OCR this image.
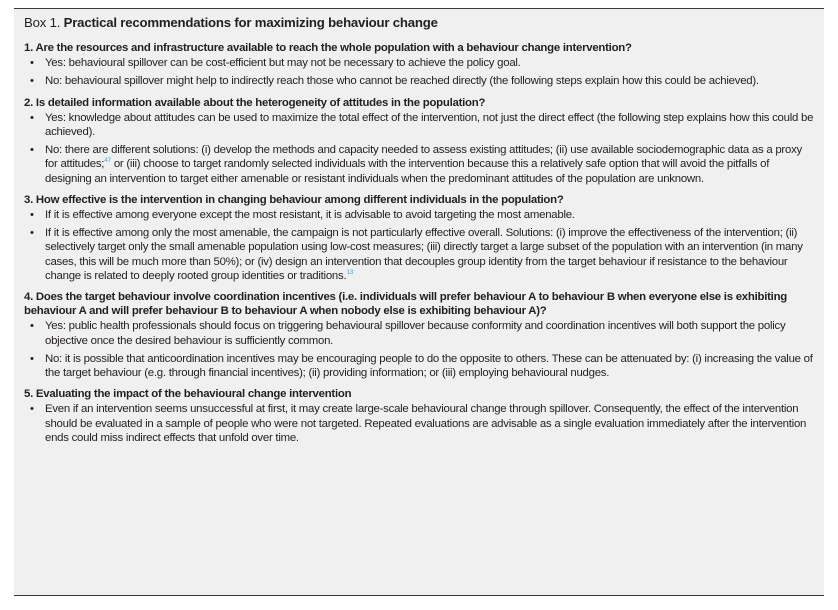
Box 1. Practical recommendations for maximizing behaviour change
1. Are the resources and infrastructure available to reach the whole population with a behaviour change intervention?
• Yes: behavioural spillover can be cost-efficient but may not be necessary to achieve the policy goal.
• No: behavioural spillover might help to indirectly reach those who cannot be reached directly (the following steps explain how this could be achieved).
2. Is detailed information available about the heterogeneity of attitudes in the population?
• Yes: knowledge about attitudes can be used to maximize the total effect of the intervention, not just the direct effect (the following step explains how this could be achieved).
• No: there are different solutions: (i) develop the methods and capacity needed to assess existing attitudes; (ii) use available sociodemographic data as a proxy for attitudes;$^{47}$ or (iii) choose to target randomly selected individuals with the intervention because this a relatively safe option that will avoid the pitfalls of designing an intervention to target either amenable or resistant individuals when the predominant attitudes of the population are unknown.
3. How effective is the intervention in changing behaviour among different individuals in the population?
• If it is effective among everyone except the most resistant, it is advisable to avoid targeting the most amenable.
• If it is effective among only the most amenable, the campaign is not particularly effective overall. Solutions: (i) improve the effectiveness of the intervention; (ii) selectively target only the small amenable population using low-cost measures; (iii) directly target a large subset of the population with an intervention (in many cases, this will be much more than 50%); or (iv) design an intervention that decouples group identity from the target behaviour if resistance to the behaviour change is related to deeply rooted group identities or traditions.$^{13}$
4. Does the target behaviour involve coordination incentives (i.e. individuals will prefer behaviour A to behaviour B when everyone else is exhibiting behaviour A and will prefer behaviour B to behaviour A when nobody else is exhibiting behaviour A)?
• Yes: public health professionals should focus on triggering behavioural spillover because conformity and coordination incentives will both support the policy objective once the desired behaviour is sufficiently common.
• No: it is possible that anticoordination incentives may be encouraging people to do the opposite to others. These can be attenuated by: (i) increasing the value of the target behaviour (e.g. through financial incentives); (ii) providing information; or (iii) employing behavioural nudges.
5. Evaluating the impact of the behavioural change intervention
• Even if an intervention seems unsuccessful at first, it may create large-scale behavioural change through spillover. Consequently, the effect of the intervention should be evaluated in a sample of people who were not targeted. Repeated evaluations are advisable as a single evaluation immediately after the intervention ends could miss indirect effects that unfold over time.
